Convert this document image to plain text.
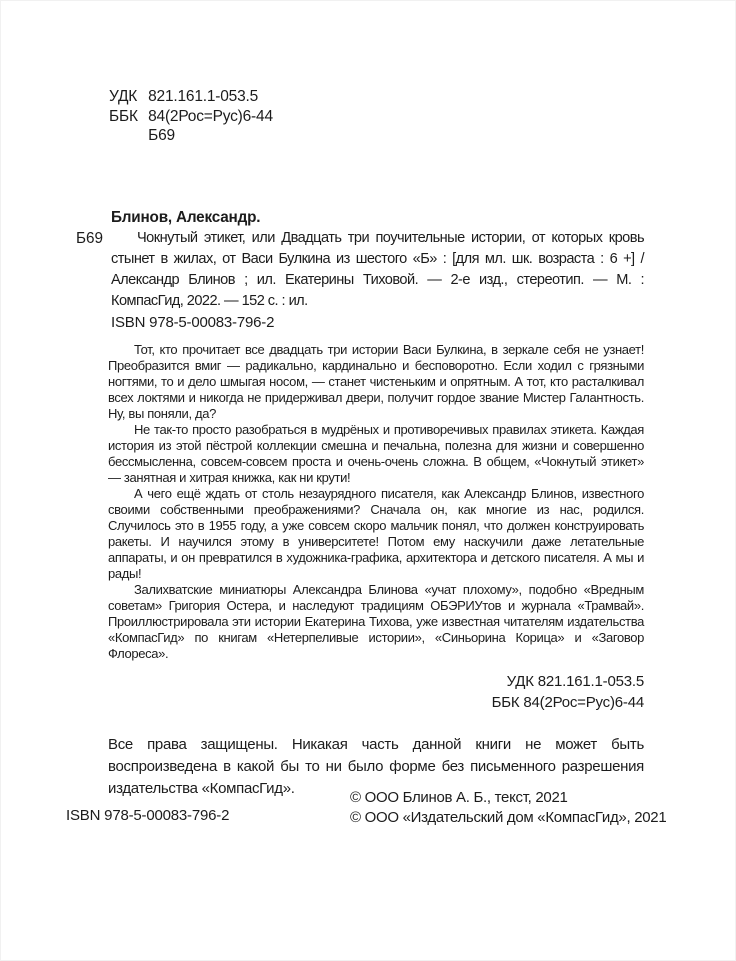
УДК 821.161.1-053.5
ББК 84(2Рос=Рус)6-44
Б69
Блинов, Александр.
Б69	Чокнутый этикет, или Двадцать три поучительные истории, от которых кровь стынет в жилах, от Васи Булкина из шестого «Б» : [для мл. шк. возраста : 6 +] / Александр Блинов ; ил. Екатерины Тиховой. — 2-е изд., стереотип. — М. : КомпасГид, 2022. — 152 с. : ил.

ISBN 978-5-00083-796-2

Тот, кто прочитает все двадцать три истории Васи Булкина, в зеркале себя не узнает! Преобразится вмиг — радикально, кардинально и бесповоротно. Если ходил с грязными ногтями, то и дело шмыгая носом, — станет чистеньким и опрятным. А тот, кто расталкивал всех локтями и никогда не придерживал двери, получит гордое звание Мистер Галантность. Ну, вы поняли, да?

Не так-то просто разобраться в мудрёных и противоречивых правилах этикета. Каждая история из этой пёстрой коллекции смешна и печальна, полезна для жизни и совершенно бессмысленна, совсем-совсем проста и очень-очень сложна. В общем, «Чокнутый этикет» — занятная и хитрая книжка, как ни крути!

А чего ещё ждать от столь незаурядного писателя, как Александр Блинов, известного своими собственными преображениями? Сначала он, как многие из нас, родился. Случилось это в 1955 году, а уже совсем скоро мальчик понял, что должен конструировать ракеты. И научился этому в университете! Потом ему наскучили даже летательные аппараты, и он превратился в художника-графика, архитектора и детского писателя. А мы и рады!

Залихватские миниатюры Александра Блинова «учат плохому», подобно «Вредным советам» Григория Остера, и наследуют традициям ОБЭРИУтов и журнала «Трамвай». Проиллюстрировала эти истории Екатерина Тихова, уже известная читателям издательства «КомпасГид» по книгам «Нетерпеливые истории», «Синьорина Корица» и «Заговор Флореса».

УДК 821.161.1-053.5
ББК 84(2Рос=Рус)6-44

Все права защищены. Никакая часть данной книги не может быть воспроизведена в какой бы то ни было форме без письменного разрешения издательства «КомпасГид».

ISBN 978-5-00083-796-2
© ООО Блинов А. Б., текст, 2021
© ООО «Издательский дом «КомпасГид», 2021
